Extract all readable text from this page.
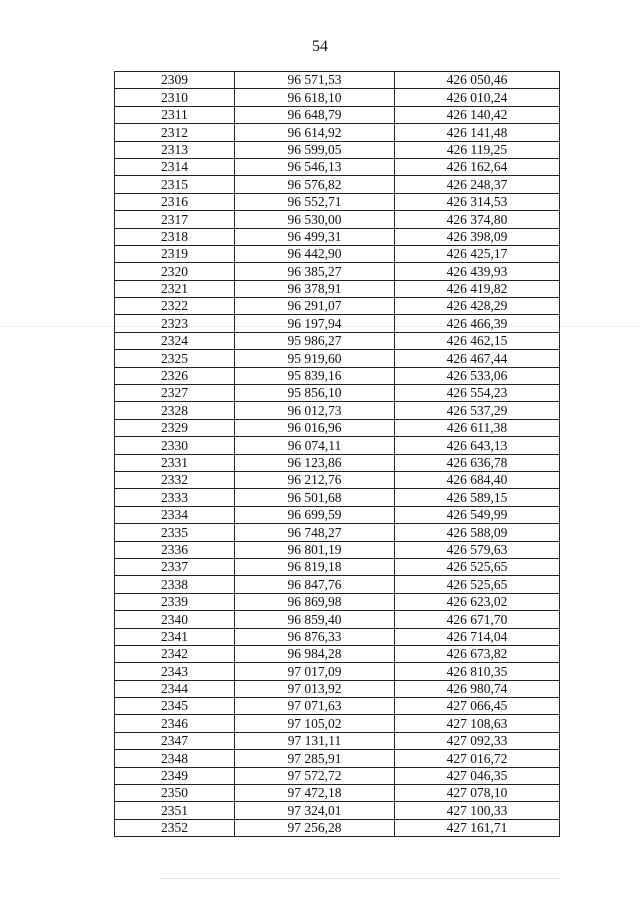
54
2309	96 571,53	426 050,46
2310	96 618,10	426 010,24
2311	96 648,79	426 140,42
2312	96 614,92	426 141,48
2313	96 599,05	426 119,25
2314	96 546,13	426 162,64
2315	96 576,82	426 248,37
2316	96 552,71	426 314,53
2317	96 530,00	426 374,80
2318	96 499,31	426 398,09
2319	96 442,90	426 425,17
2320	96 385,27	426 439,93
2321	96 378,91	426 419,82
2322	96 291,07	426 428,29
2323	96 197,94	426 466,39
2324	95 986,27	426 462,15
2325	95 919,60	426 467,44
2326	95 839,16	426 533,06
2327	95 856,10	426 554,23
2328	96 012,73	426 537,29
2329	96 016,96	426 611,38
2330	96 074,11	426 643,13
2331	96 123,86	426 636,78
2332	96 212,76	426 684,40
2333	96 501,68	426 589,15
2334	96 699,59	426 549,99
2335	96 748,27	426 588,09
2336	96 801,19	426 579,63
2337	96 819,18	426 525,65
2338	96 847,76	426 525,65
2339	96 869,98	426 623,02
2340	96 859,40	426 671,70
2341	96 876,33	426 714,04
2342	96 984,28	426 673,82
2343	97 017,09	426 810,35
2344	97 013,92	426 980,74
2345	97 071,63	427 066,45
2346	97 105,02	427 108,63
2347	97 131,11	427 092,33
2348	97 285,91	427 016,72
2349	97 572,72	427 046,35
2350	97 472,18	427 078,10
2351	97 324,01	427 100,33
2352	97 256,28	427 161,71
